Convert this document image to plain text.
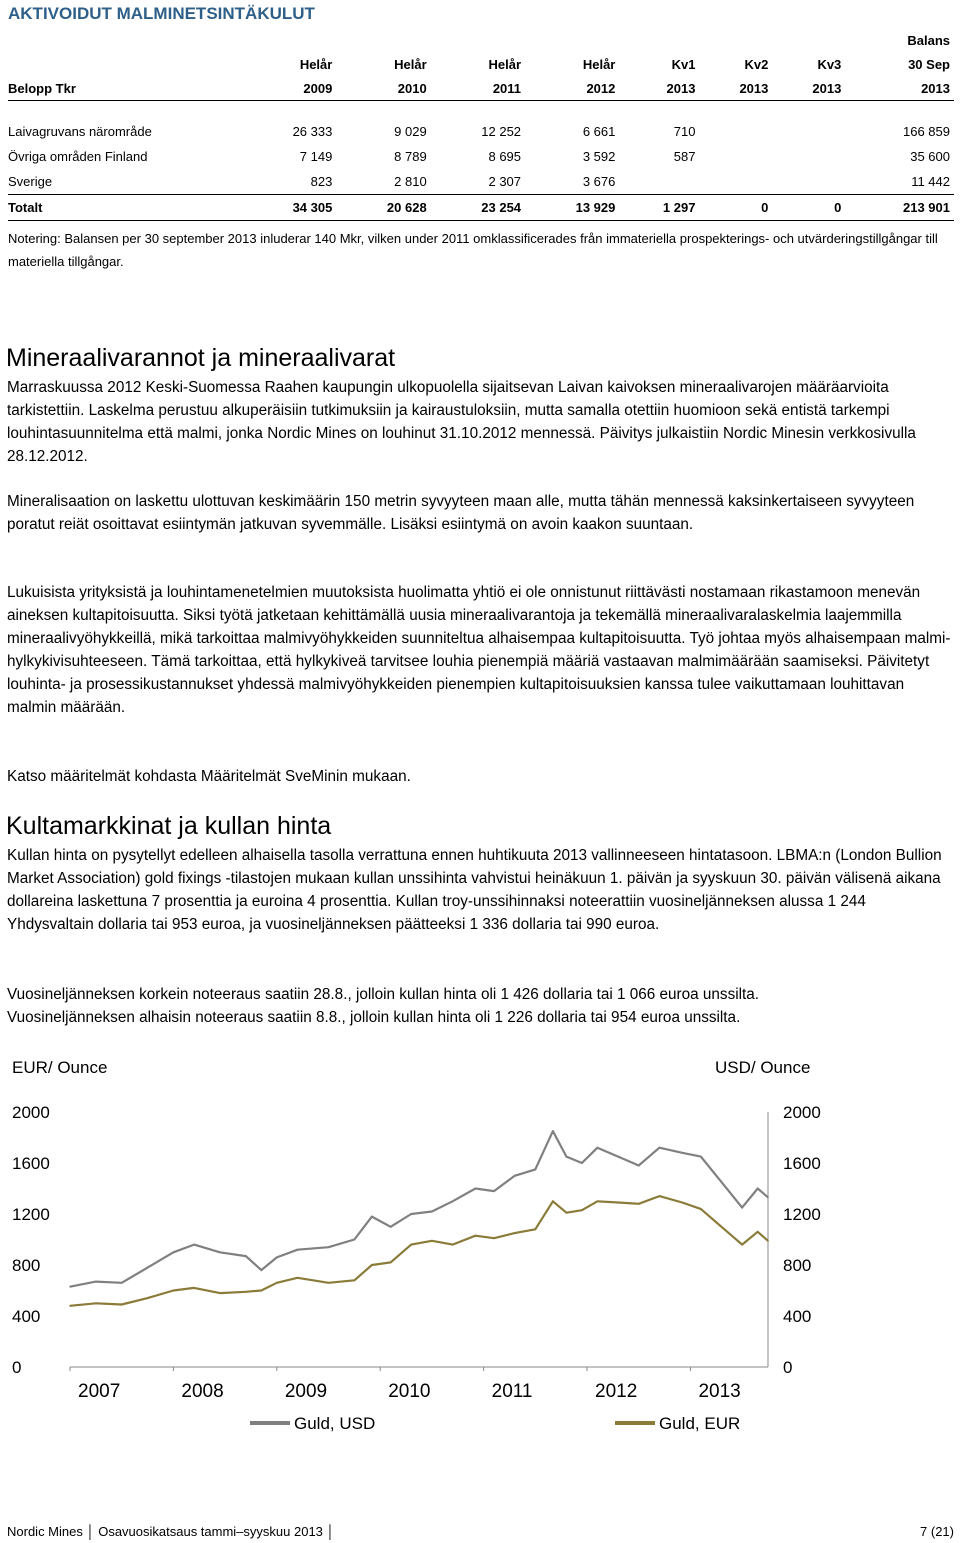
AKTIVOIDUT MALMINETSINTÄKULUT
								Balans
	Helår	Helår	Helår	Helår	Kv1	Kv2	Kv3	30 Sep
Belopp Tkr	2009	2010	2011	2012	2013	2013	2013	2013

Laivagruvans närområde	26 333	9 029	12 252	6 661	710			166 859
Övriga områden Finland	7 149	8 789	8 695	3 592	587			35 600
Sverige	823	2 810	2 307	3 676				11 442
Totalt	34 305	20 628	23 254	13 929	1 297	0	0	213 901
Notering: Balansen per 30 september 2013 inluderar 140 Mkr, vilken under 2011 omklassificerades från immateriella prospekterings- och utvärderingstillgångar till materiella tillgångar.
Mineraalivarannot ja mineraalivarat
Marraskuussa 2012 Keski-Suomessa Raahen kaupungin ulkopuolella sijaitsevan Laivan kaivoksen mineraalivarojen määräarvioita tarkistettiin. Laskelma perustuu alkuperäisiin tutkimuksiin ja kairaustuloksiin, mutta samalla otettiin huomioon sekä entistä tarkempi louhintasuunnitelma että malmi, jonka Nordic Mines on louhinut 31.10.2012 mennessä. Päivitys julkaistiin Nordic Minesin verkkosivulla 28.12.2012.
Mineralisaation on laskettu ulottuvan keskimäärin 150 metrin syvyyteen maan alle, mutta tähän mennessä kaksinkertaiseen syvyyteen poratut reiät osoittavat esiintymän jatkuvan syvemmälle. Lisäksi esiintymä on avoin kaakon suuntaan.
Lukuisista yrityksistä ja louhintamenetelmien muutoksista huolimatta yhtiö ei ole onnistunut riittävästi nostamaan rikastamoon menevän aineksen kultapitoisuutta. Siksi työtä jatketaan kehittämällä uusia mineraalivarantoja ja tekemällä mineraalivaralaskelmia laajemmilla mineraalivyöhykkeillä, mikä tarkoittaa malmivyöhykkeiden suunniteltua alhaisempaa kultapitoisuutta. Työ johtaa myös alhaisempaan malmi-hylkykivisuhteeseen. Tämä tarkoittaa, että hylkykiveä tarvitsee louhia pienempiä määriä vastaavan malmimäärään saamiseksi. Päivitetyt louhinta- ja prosessikustannukset yhdessä malmivyöhykkeiden pienempien kultapitoisuuksien kanssa tulee vaikuttamaan louhittavan malmin määrään.
Katso määritelmät kohdasta Määritelmät SveMinin mukaan.
Kultamarkkinat ja kullan hinta
Kullan hinta on pysytellyt edelleen alhaisella tasolla verrattuna ennen huhtikuuta 2013 vallinneeseen hintatasoon. LBMA:n (London Bullion Market Association) gold fixings -tilastojen mukaan kullan unssihinta vahvistui heinäkuun 1. päivän ja syyskuun 30. päivän välisenä aikana dollareina laskettuna 7 prosenttia ja euroina 4 prosenttia. Kullan troy-unssihinnaksi noteerattiin vuosineljänneksen alussa 1 244 Yhdysvaltain dollaria tai 953 euroa, ja vuosineljänneksen päätteeksi 1 336 dollaria tai 990 euroa.
Vuosineljänneksen korkein noteeraus saatiin 28.8., jolloin kullan hinta oli 1 426 dollaria tai 1 066 euroa unssilta.
Vuosineljänneksen alhaisin noteeraus saatiin 8.8., jolloin kullan hinta oli 1 226 dollaria tai 954 euroa unssilta.
EUR/ Ounce	USD/ Ounce
2000	2000
1600	1600
1200	1200
800	800
400	400
0	0
2007	2008	2009	2010	2011	2012	2013
Guld, USD	Guld, EUR
Nordic Mines │ Osavuosikatsaus tammi–syyskuu 2013 │	7 (21)
